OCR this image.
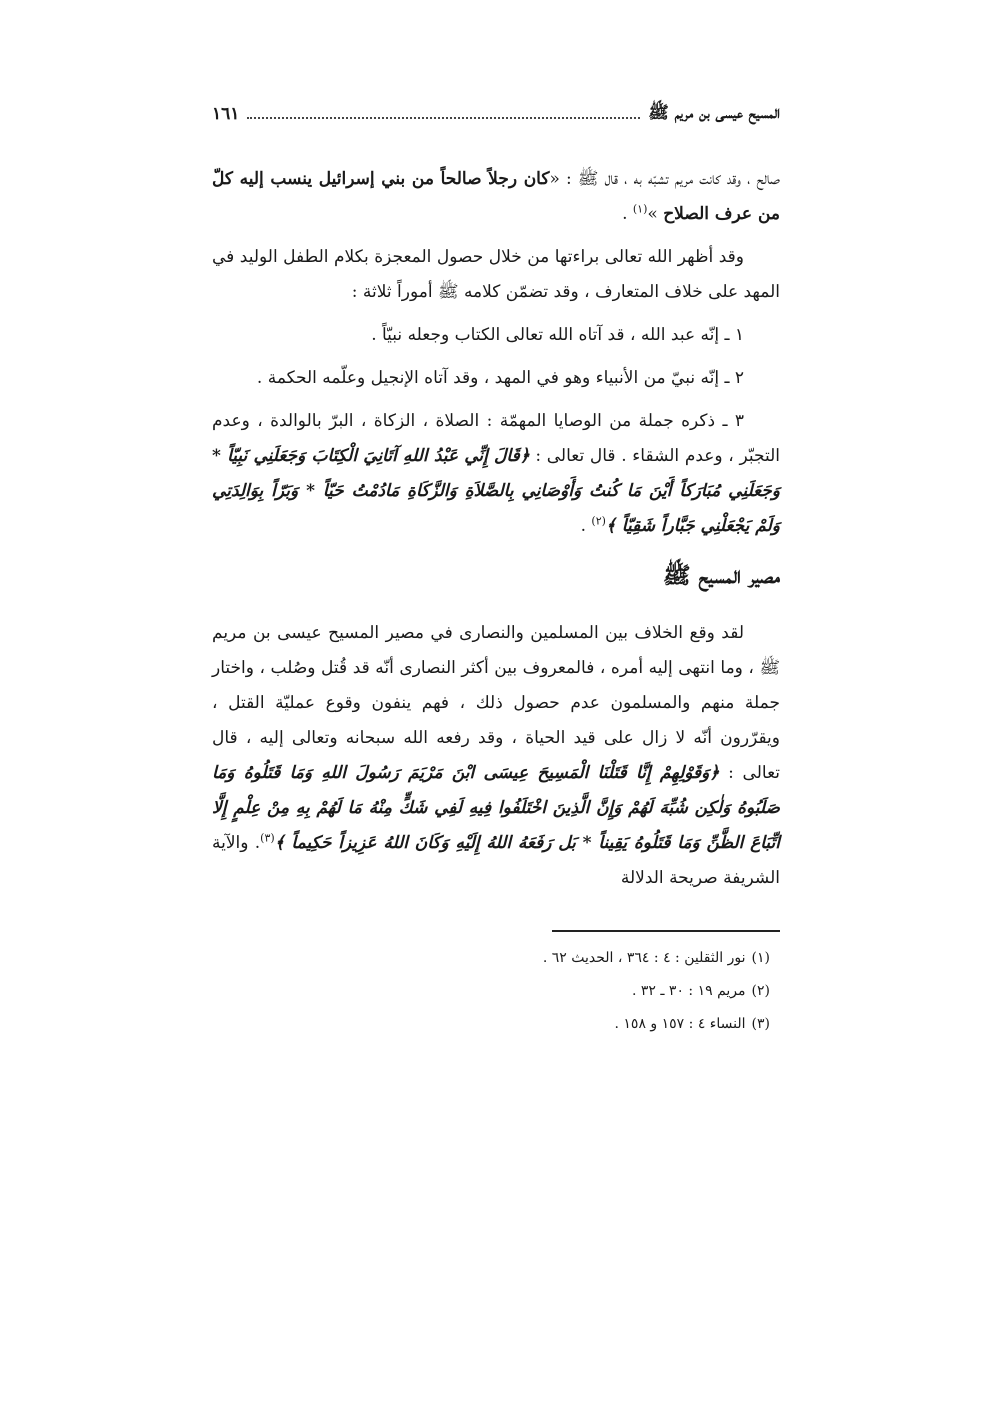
المسيح عيسى بن مريم ﷺ
١٦١

صالح ، وقد كانت مريم تشبّه به ، قال ﷺ : «كان رجلاً صالحاً من بني إسرائيل ينسب إليه كلّ من عرف الصلاح »$^{(١)}$ .

وقد أظهر الله تعالى براءتها من خلال حصول المعجزة بكلام الطفل الوليد في المهد على خلاف المتعارف ، وقد تضمّن كلامه ﷺ أموراً ثلاثة :

١ ـ إنّه عبد الله ، قد آتاه الله تعالى الكتاب وجعله نبيّاً .

٢ ـ إنّه نبيّ من الأنبياء وهو في المهد ، وقد آتاه الإنجيل وعلّمه الحكمة .

٣ ـ ذكره جملة من الوصايا المهمّة : الصلاة ، الزكاة ، البرّ بالوالدة ، وعدم التجبّر ، وعدم الشقاء . قال تعالى : ﴿قَالَ إِنِّي عَبْدُ اللهِ آتَانِيَ الْكِتَابَ وَجَعَلَنِي نَبِيّاً * وَجَعَلَنِي مُبَارَكاً أَيْنَ مَا كُنتُ وَأَوْصَانِي بِالصَّلاَةِ وَالزَّكَاةِ مَادُمْتُ حَيّاً * وَبَرّاً بِوَالِدَتِي وَلَمْ يَجْعَلْنِي جَبَّاراً شَقِيّاً ﴾$^{(٢)}$ .

مصير المسيح ﷺ

لقد وقع الخلاف بين المسلمين والنصارى في مصير المسيح عيسى بن مريم ﷺ ، وما انتهى إليه أمره ، فالمعروف بين أكثر النصارى أنّه قد قُتل وصُلب ، واختار جملة منهم والمسلمون عدم حصول ذلك ، فهم ينفون وقوع عمليّة القتل ، ويقرّرون أنّه لا زال على قيد الحياة ، وقد رفعه الله سبحانه وتعالى إليه ، قال تعالى : ﴿وَقَوْلِهِمْ إِنَّا قَتَلْنَا الْمَسِيحَ عِيسَى ابْنَ مَرْيَمَ رَسُولَ اللهِ وَمَا قَتَلُوهُ وَمَا صَلَبُوهُ وَلٰكِن شُبِّهَ لَهُمْ وَإِنَّ الَّذِينَ اخْتَلَفُوا فِيهِ لَفِي شَكٍّ مِنْهُ مَا لَهُمْ بِهِ مِنْ عِلْمٍ إِلَّا اتِّبَاعَ الظَّنِّ وَمَا قَتَلُوهُ يَقِيناً * بَل رَفَعَهُ اللهُ إِلَيْهِ وَكَانَ اللهُ عَزِيزاً حَكِيماً ﴾$^{(٣)}$. والآية الشريفة صريحة الدلالة

(١)نور الثقلين : ٤ : ٣٦٤ ، الحديث ٦٢ .
(٢)مريم ١٩ : ٣٠ ـ ٣٢ .
(٣)النساء ٤ : ١٥٧ و ١٥٨ .
